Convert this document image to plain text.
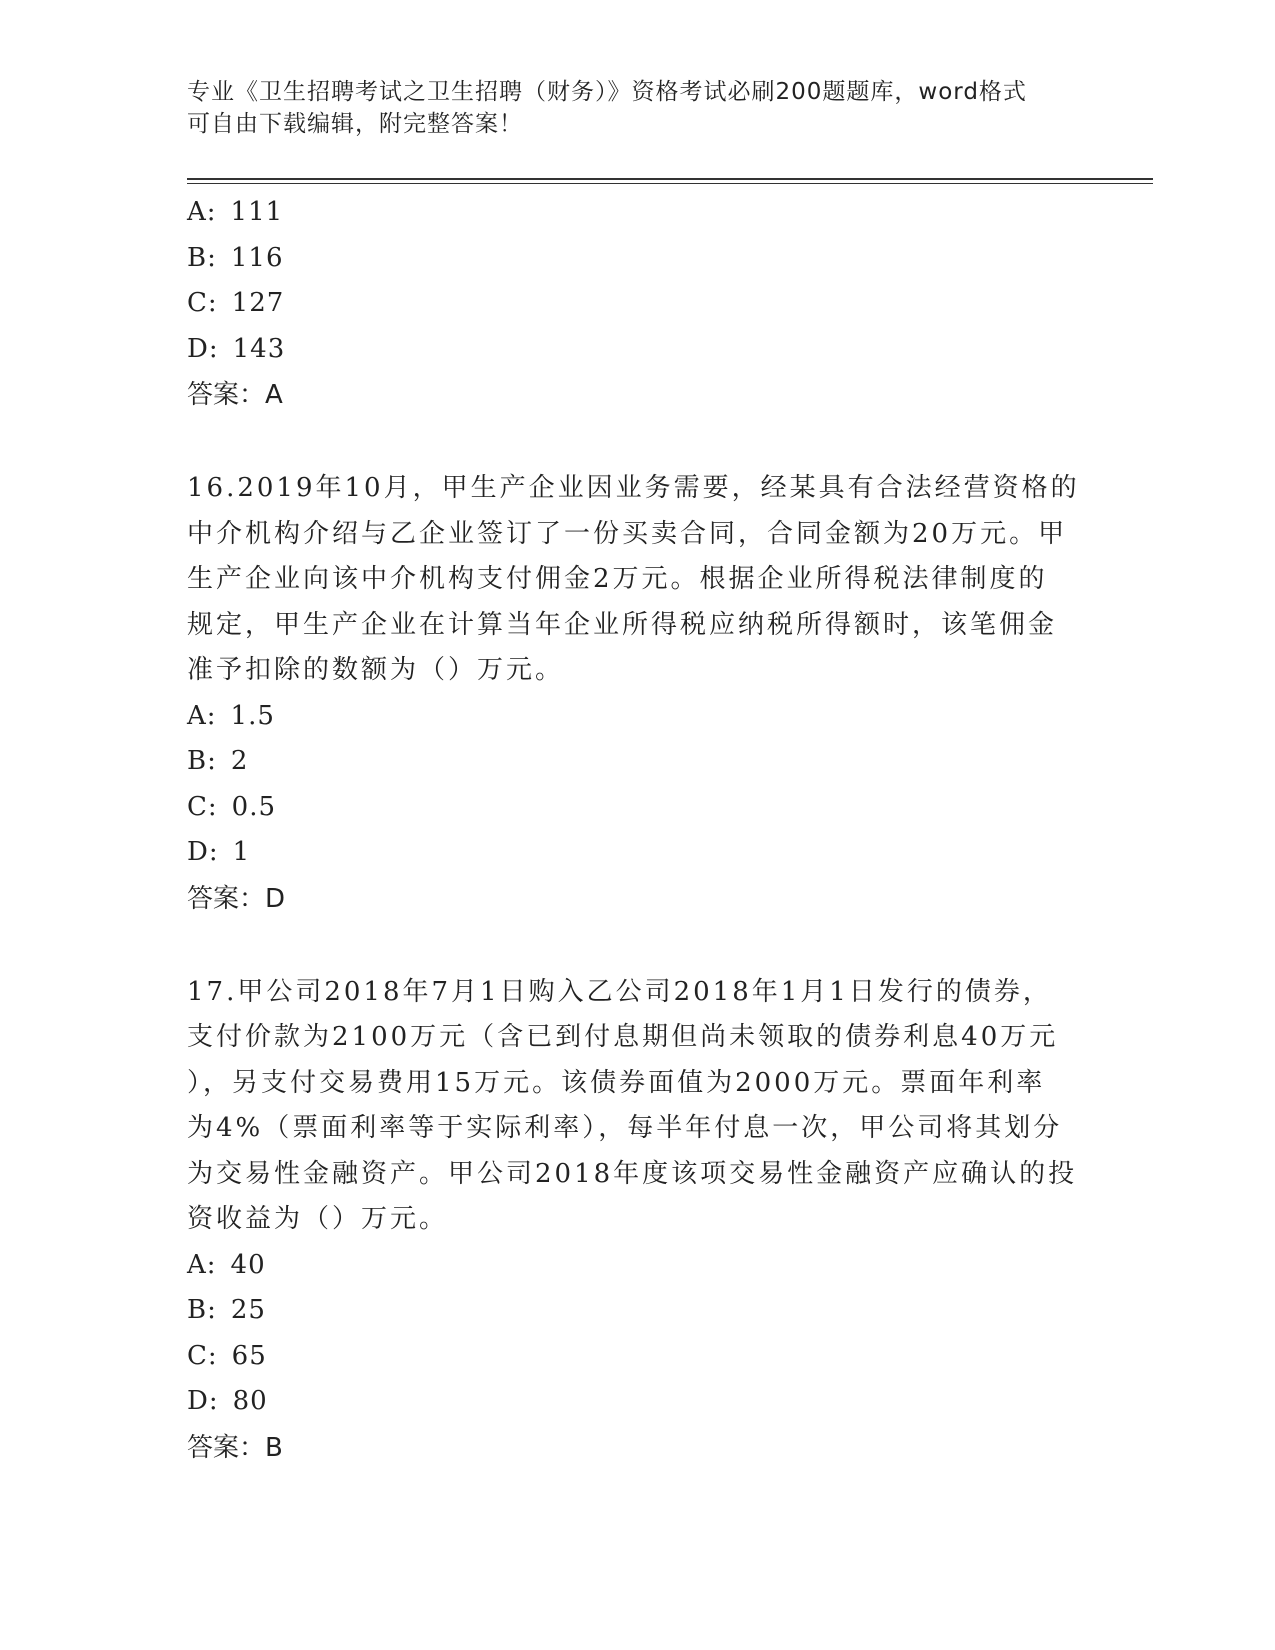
专业《卫生招聘考试之卫生招聘（财务）》资格考试必刷200题题库，word格式
可自由下载编辑，附完整答案！
A: 111
B: 116
C: 127
D: 143
答案：A
16.2019年10月，甲生产企业因业务需要，经某具有合法经营资格的
中介机构介绍与乙企业签订了一份买卖合同，合同金额为20万元。甲
生产企业向该中介机构支付佣金2万元。根据企业所得税法律制度的
规定，甲生产企业在计算当年企业所得税应纳税所得额时，该笔佣金
准予扣除的数额为（）万元。
A: 1.5
B: 2
C: 0.5
D: 1
答案：D
17.甲公司2018年7月1日购入乙公司2018年1月1日发行的债券，
支付价款为2100万元（含已到付息期但尚未领取的债券利息40万元
），另支付交易费用15万元。该债券面值为2000万元。票面年利率
为4%（票面利率等于实际利率），每半年付息一次，甲公司将其划分
为交易性金融资产。甲公司2018年度该项交易性金融资产应确认的投
资收益为（）万元。
A: 40
B: 25
C: 65
D: 80
答案：B
